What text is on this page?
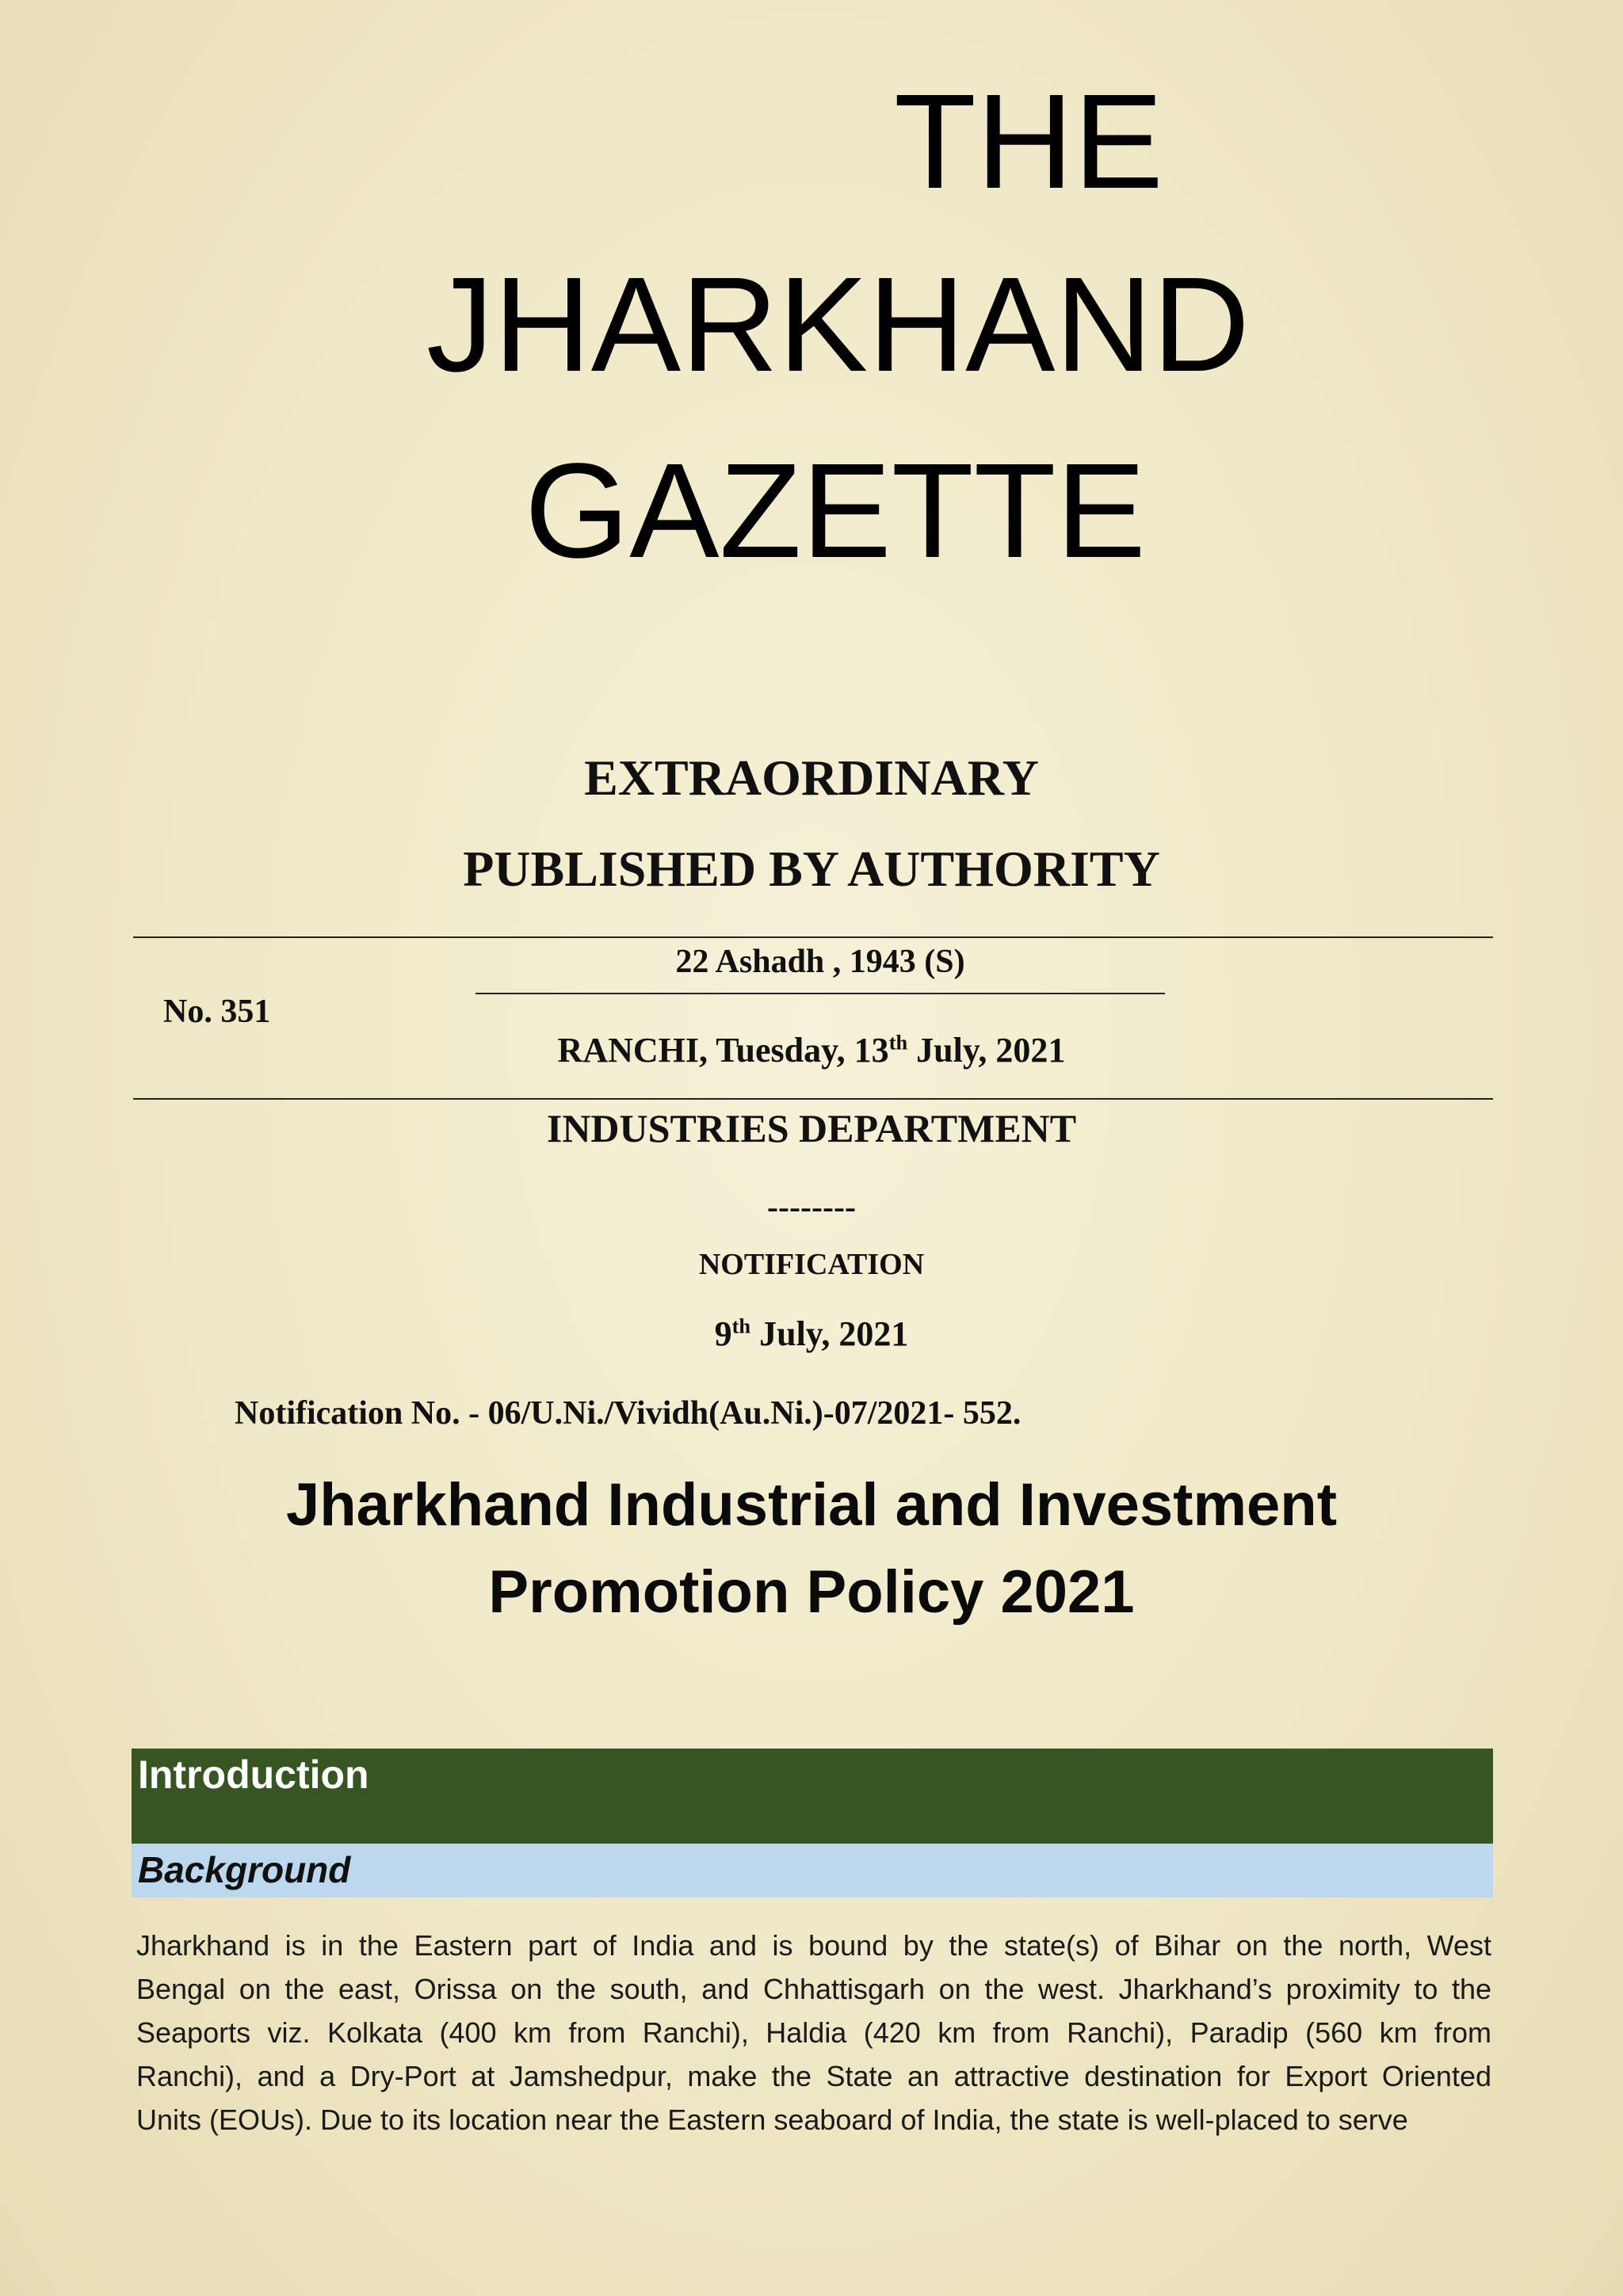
THE
JHARKHAND
GAZETTE
EXTRAORDINARY
PUBLISHED BY AUTHORITY
22 Ashadh , 1943 (S)
No. 351
RANCHI, Tuesday, 13th July, 2021
INDUSTRIES DEPARTMENT
--------
NOTIFICATION
9th July, 2021
Notification No. - 06/U.Ni./Vividh(Au.Ni.)-07/2021- 552.
Jharkhand Industrial and Investment
Promotion Policy 2021
Introduction
Background
Jharkhand is in the Eastern part of India and is bound by the state(s) of Bihar on the north, West
Bengal on the east, Orissa on the south, and Chhattisgarh on the west. Jharkhand’s proximity to the
Seaports viz. Kolkata (400 km from Ranchi), Haldia (420 km from Ranchi), Paradip (560 km from
Ranchi), and a Dry-Port at Jamshedpur, make the State an attractive destination for Export Oriented
Units (EOUs). Due to its location near the Eastern seaboard of India, the state is well-placed to serve
